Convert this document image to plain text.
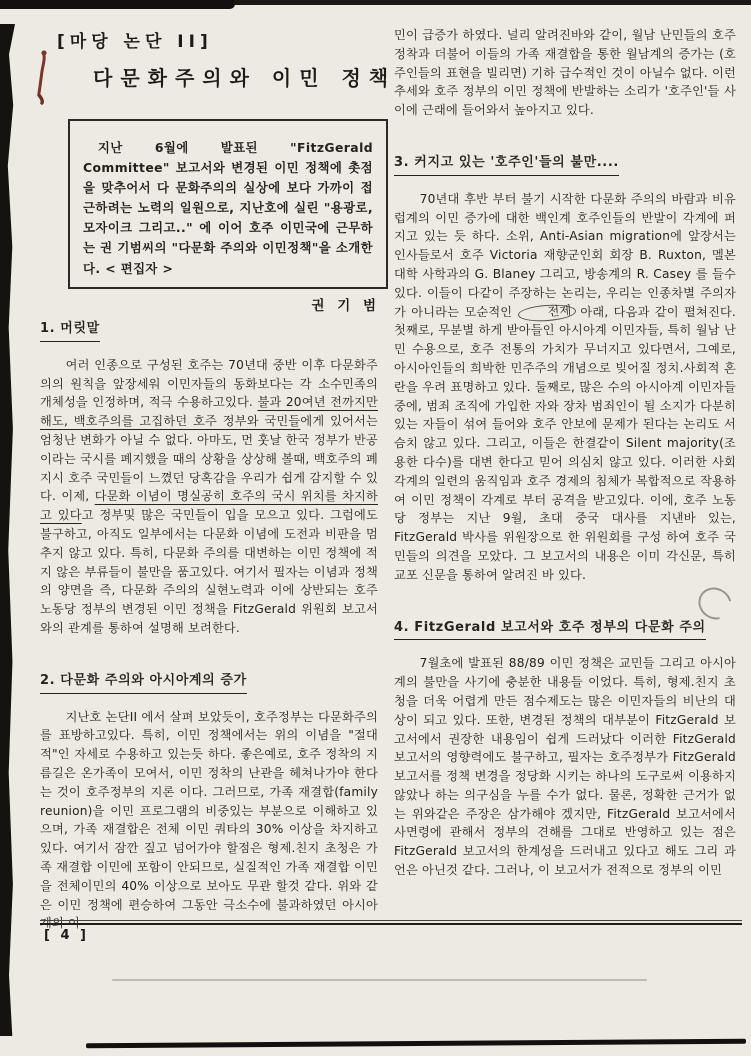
[마당 논단 II]
다문화주의와 이민 정책

지난 6월에 발표된 "FitzGerald Committee" 보고서와 변경된 이민 정책에 촛점을 맞추어서 다 문화주의의 실상에 보다 가까이 접근하려는 노력의 일원으로, 지난호에 실린 "용광로, 모자이크 그리고.." 에 이어 호주 이민국에 근무하는 권 기범씨의 "다문화 주의와 이민정책"을 소개한다. < 편집자 >

권 기 범
1. 머릿말

여러 인종으로 구성된 호주는 70년대 중반 이후 다문화주의의 원칙을 앞장세워 이민자들의 동화보다는 각 소수민족의 개체성을 인정하며, 적극 수용하고있다. 불과 20여년 전까지만 해도, 백호주의를 고집하던 호주 정부와 국민들에게 있어서는 엄청난 변화가 아닐 수 없다. 아마도, 먼 훗날 한국 정부가 반공이라는 국시를 폐지했을 때의 상황을 상상해 볼때, 백호주의 폐지시 호주 국민들이 느꼈던 당혹감을 우리가 쉽게 감지할 수 있다. 이제, 다문화 이념이 명실공히 호주의 국시 위치를 차지하고 있다고 정부및 많은 국민들이 입을 모으고 있다. 그럼에도 불구하고, 아직도 일부에서는 다문화 이념에 도전과 비판을 멈추지 않고 있다. 특히, 다문화 주의를 대변하는 이민 정책에 적지 않은 부류들이 불만을 품고있다. 여기서 필자는 이념과 정책의 양면을 즉, 다문화 주의의 실현노력과 이에 상반되는 호주 노동당 정부의 변경된 이민 정책을 FitzGerald 위원회 보고서와의 관계를 통하여 설명해 보려한다.

2. 다문화 주의와 아시아계의 증가

지난호 논단II 에서 살펴 보았듯이, 호주정부는 다문화주의를 표방하고있다. 특히, 이민 정책에서는 위의 이념을 "절대적"인 자세로 수용하고 있는듯 하다. 좋은예로, 호주 정착의 지름길은 온가족이 모여서, 이민 정착의 난관을 헤쳐나가야 한다는 것이 호주정부의 지론 이다. 그러므로, 가족 재결합(family reunion)을 이민 프로그램의 비중있는 부분으로 이해하고 있으며, 가족 재결합은 전체 이민 쿼타의 30% 이상을 차지하고 있다. 여기서 잠깐 짚고 넘어가야 할점은 형제.친지 초청은 가족 재결합 이민에 포함이 안되므로, 실질적인 가족 재결합 이민을 전체이민의 40% 이상으로 보아도 무관 할것 같다. 위와 같은 이민 정책에 편승하여 그동안 극소수에 불과하였던 아시아계의 이

민이 급증가 하였다. 널리 알려진바와 같이, 월남 난민들의 호주 정착과 더불어 이들의 가족 재결합을 통한 월남계의 증가는 (호주인들의 표현을 빌리면) 기하 급수적인 것이 아닐수 없다. 이런 추세와 호주 정부의 이민 정책에 반발하는 소리가 '호주인'들 사이에 근래에 들어와서 높아지고 있다.

3. 커지고 있는 '호주인'들의 불만....

70년대 후반 부터 불기 시작한 다문화 주의의 바람과 비유럽계의 이민 증가에 대한 백인계 호주인들의 반발이 각계에 퍼지고 있는 듯 하다. 소위, Anti-Asian migration에 앞장서는 인사들로서 호주 Victoria 재향군인회 회장 B. Ruxton, 멜본 대학 사학과의 G. Blaney 그리고, 방송계의 R. Casey 를 들수 있다. 이들이 다같이 주장하는 논리는, 우리는 인종차별 주의자가 아니라는 모순적인 전제 아래, 다음과 같이 펼쳐진다. 첫째로, 무분별 하게 받아들인 아시아계 이민자들, 특히 월남 난민 수용으로, 호주 전통의 가치가 무너지고 있다면서, 그예로, 아시아인들의 희박한 민주주의 개념으로 빚어질 정치.사회적 혼란을 우려 표명하고 있다. 둘째로, 많은 수의 아시아계 이민자들 중에, 범죄 조직에 가입한 자와 장차 범죄인이 될 소지가 다분히 있는 자들이 섞여 들어와 호주 안보에 문제가 된다는 논리도 서슴치 않고 있다. 그리고, 이들은 한결같이 Silent majority(조용한 다수)를 대변 한다고 믿어 의심치 않고 있다. 이러한 사회 각계의 일련의 움직임과 호주 경제의 침체가 복합적으로 작용하여 이민 정책이 각계로 부터 공격을 받고있다. 이에, 호주 노동당 정부는 지난 9월, 초대 중국 대사를 지낸바 있는, FitzGerald 박사를 위원장으로 한 위원회를 구성 하여 호주 국민들의 의견을 모았다. 그 보고서의 내용은 이미 각신문, 특히 교포 신문을 통하여 알려진 바 있다.

4. FitzGerald 보고서와 호주 정부의 다문화 주의

7월초에 발표된 88/89 이민 정책은 교민들 그리고 아시아계의 불만을 사기에 충분한 내용들 이었다. 특히, 형제.친지 초청을 더욱 어렵게 만든 점수제도는 많은 이민자들의 비난의 대상이 되고 있다. 또한, 변경된 정책의 대부분이 FitzGerald 보고서에서 권장한 내용임이 쉽게 드러났다 이러한 FitzGerald 보고서의 영향력에도 불구하고, 필자는 호주정부가 FitzGerald 보고서를 정책 변경을 정당화 시키는 하나의 도구로써 이용하지 않았나 하는 의구심을 누를 수가 없다. 물론, 정확한 근거가 없는 위와같은 주장은 삼가해야 겠지만, FitzGerald 보고서에서 사면령에 관해서 정부의 견해를 그대로 반영하고 있는 점은 FitzGerald 보고서의 한계성을 드러내고 있다고 해도 그리 과언은 아닌것 같다. 그러나, 이 보고서가 전적으로 정부의 이민

[ 4 ]
